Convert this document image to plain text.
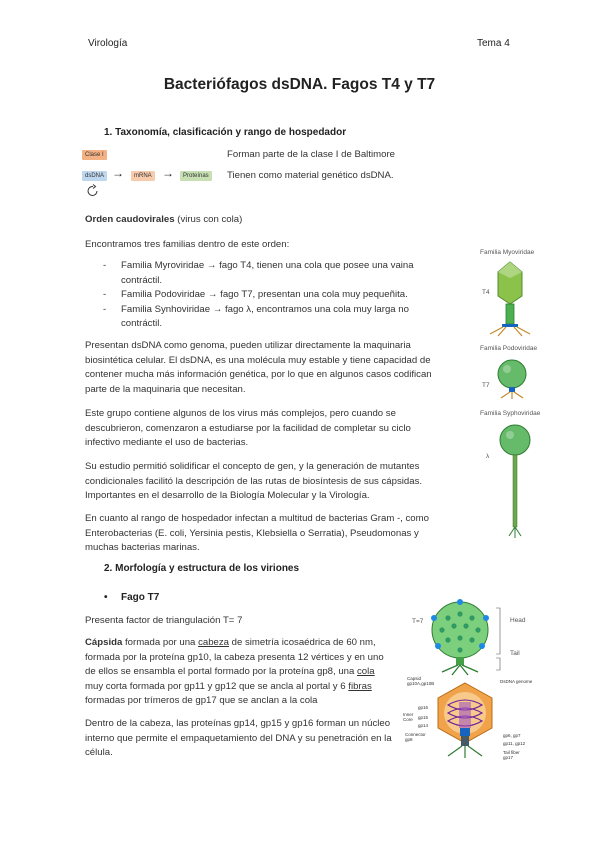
Virología	Tema 4
Bacteriófagos dsDNA. Fagos T4 y T7
1. Taxonomía, clasificación y rango de hospedador
Clase I
dsDNA →	mRNA →	Proteínas
Forman parte de la clase I de Baltimore
Tienen como material genético dsDNA.
Orden caudovirales (virus con cola)
Encontramos tres familias dentro de este orden:
- Familia Myroviridae → fago T4, tienen una cola que posee una vaina contráctil.
- Familia Podoviridae → fago T7, presentan una cola muy pequeñita.
- Familia Synhoviridae → fago λ, encontramos una cola muy larga no contráctil.
Presentan dsDNA como genoma, pueden utilizar directamente la maquinaria biosintética celular. El dsDNA, es una molécula muy estable y tiene capacidad de contener mucha más información genética, por lo que en algunos casos codifican parte de la maquinaria que necesitan.
Este grupo contiene algunos de los virus más complejos, pero cuando se descubrieron, comenzaron a estudiarse por la facilidad de completar su ciclo infectivo mediante el uso de bacterias.
Su estudio permitió solidificar el concepto de gen, y la generación de mutantes condicionales facilitó la descripción de las rutas de biosíntesis de sus cápsidas. Importantes en el desarrollo de la Biología Molecular y la Virología.
En cuanto al rango de hospedador infectan a multitud de bacterias Gram -, como Enterobacterias (E. coli, Yersinia pestis, Klebsiella o Serratia), Pseudomonas y muchas bacterias marinas.
Familia Myoviridae
T4
Familia Podoviridae
T7
Familia Syphoviridae
λ
2. Morfología y estructura de los viriones
• Fago T7
Presenta factor de triangulación T= 7
Cápsida formada por una cabeza de simetría icosaédrica de 60 nm, formada por la proteína gp10, la cabeza presenta 12 vértices y en uno de ellos se ensambla el portal formado por la proteína gp8, una cola muy corta formada por gp11 y gp12 que se ancla al portal y 6 fibras formadas por trímeros de gp17 que se anclan a la cola
Dentro de la cabeza, las proteínas gp14, gp15 y gp16 forman un núcleo interno que permite el empaquetamiento del DNA y su penetración en la célula.
T=7	Head
Tail
Capsid gp10A,gp10B	DsDNA genome
gp16
Inner Core	gp15
gp14
Connector gp8
gp6, gp7
gp11, gp12
Tail fiber gp17
